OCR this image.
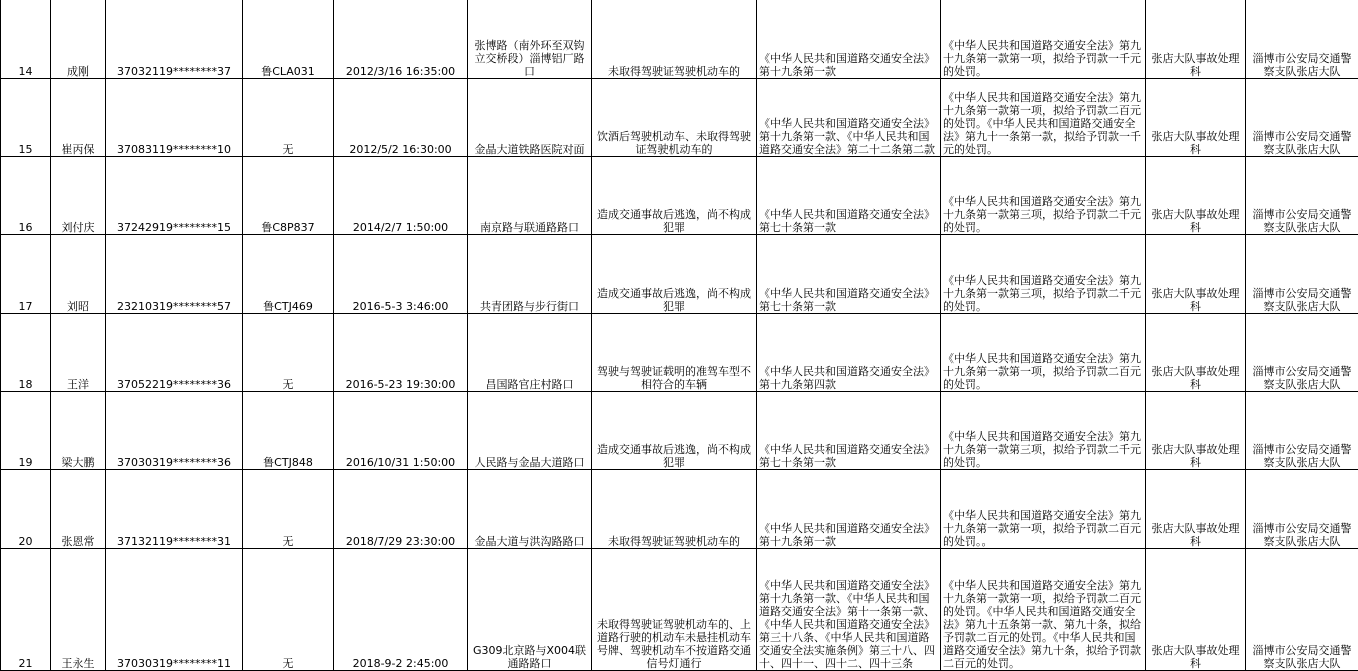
14	成刚	37032119********37	鲁CLA031	2012/3/16 16:35:00	张博路（南外环至双钩立交桥段）淄博铝厂路口	未取得驾驶证驾驶机动车的	《中华人民共和国道路交通安全法》第十九条第一款	《中华人民共和国道路交通安全法》第九十九条第一款第一项，拟给予罚款一千元的处罚。	张店大队事故处理科	淄博市公安局交通警察支队张店大队
15	崔丙保	37083119********10	无	2012/5/2 16:30:00	金晶大道铁路医院对面	饮酒后驾驶机动车、未取得驾驶证驾驶机动车的	《中华人民共和国道路交通安全法》第十九条第一款、《中华人民共和国道路交通安全法》第二十二条第二款	《中华人民共和国道路交通安全法》第九十九条第一款第一项，拟给予罚款二百元的处罚。《中华人民共和国道路交通安全法》第九十一条第一款，拟给予罚款一千元的处罚。	张店大队事故处理科	淄博市公安局交通警察支队张店大队
16	刘付庆	37242919********15	鲁C8P837	2014/2/7 1:50:00	南京路与联通路路口	造成交通事故后逃逸，尚不构成犯罪	《中华人民共和国道路交通安全法》第七十条第一款	《中华人民共和国道路交通安全法》第九十九条第一款第三项，拟给予罚款二千元的处罚。	张店大队事故处理科	淄博市公安局交通警察支队张店大队
17	刘昭	23210319********57	鲁CTJ469	2016-5-3 3:46:00	共青团路与步行街口	造成交通事故后逃逸，尚不构成犯罪	《中华人民共和国道路交通安全法》第七十条第一款	《中华人民共和国道路交通安全法》第九十九条第一款第三项，拟给予罚款二千元的处罚。	张店大队事故处理科	淄博市公安局交通警察支队张店大队
18	王洋	37052219********36	无	2016-5-23 19:30:00	昌国路官庄村路口	驾驶与驾驶证载明的准驾车型不相符合的车辆	《中华人民共和国道路交通安全法》第十九条第四款	《中华人民共和国道路交通安全法》第九十九条第一款第一项，拟给予罚款二百元的处罚。	张店大队事故处理科	淄博市公安局交通警察支队张店大队
19	梁大鹏	37030319********36	鲁CTJ848	2016/10/31 1:50:00	人民路与金晶大道路口	造成交通事故后逃逸，尚不构成犯罪	《中华人民共和国道路交通安全法》第七十条第一款	《中华人民共和国道路交通安全法》第九十九条第一款第三项，拟给予罚款二千元的处罚。	张店大队事故处理科	淄博市公安局交通警察支队张店大队
20	张恩常	37132119********31	无	2018/7/29 23:30:00	金晶大道与洪沟路路口	未取得驾驶证驾驶机动车的	《中华人民共和国道路交通安全法》第十九条第一款	《中华人民共和国道路交通安全法》第九十九条第一款第一项，拟给予罚款二百元的处罚。。	张店大队事故处理科	淄博市公安局交通警察支队张店大队
21	王永生	37030319********11	无	2018-9-2 2:45:00	G309北京路与X004联通路路口	未取得驾驶证驾驶机动车的、上道路行驶的机动车未悬挂机动车号牌、驾驶机动车不按道路交通信号灯通行	《中华人民共和国道路交通安全法》第十九条第一款、《中华人民共和国道路交通安全法》第十一条第一款、《中华人民共和国道路交通安全法》第三十八条、《中华人民共和国道路交通安全法实施条例》第三十八、四十、四十一、四十二、四十三条	《中华人民共和国道路交通安全法》第九十九条第一款第一项，拟给予罚款二百元的处罚。《中华人民共和国道路交通安全法》第九十五条第一款、第九十条，拟给予罚款二百元的处罚。《中华人民共和国道路交通安全法》第九十条，拟给予罚款二百元的处罚。	张店大队事故处理科	淄博市公安局交通警察支队张店大队
